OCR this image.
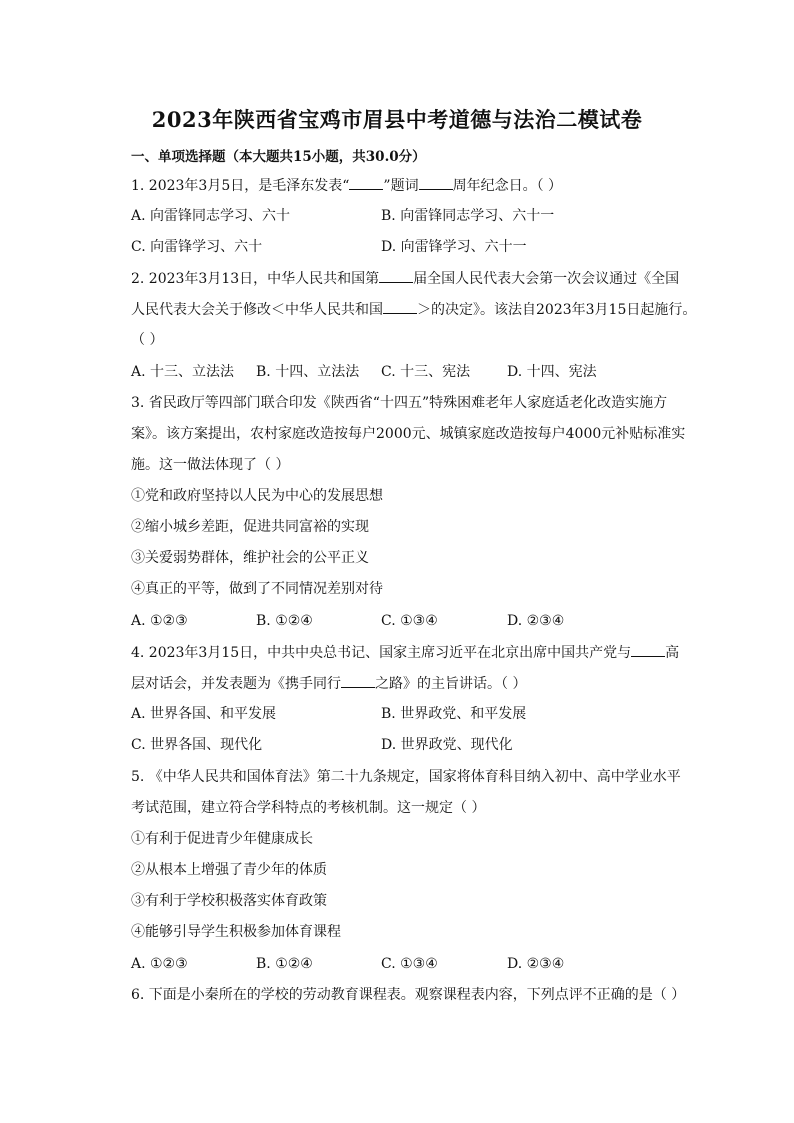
2023年陕西省宝鸡市眉县中考道德与法治二模试卷
一、单项选择题（本大题共15小题，共30.0分）
1. 2023年3月5日，是毛泽东发表“ ”题词 周年纪念日。（ ）
A. 向雷锋同志学习、六十	B. 向雷锋同志学习、六十一
C. 向雷锋学习、六十	D. 向雷锋学习、六十一
2. 2023年3月13日，中华人民共和国第 届全国人民代表大会第一次会议通过《全国
人民代表大会关于修改＜中华人民共和国 ＞的决定》。该法自2023年3月15日起施行。
（ ）
A. 十三、立法法 B. 十四、立法法 C. 十三、宪法	D. 十四、宪法
3. 省民政厅等四部门联合印发《陕西省“十四五”特殊困难老年人家庭适老化改造实施方
案》。该方案提出，农村家庭改造按每户2000元、城镇家庭改造按每户4000元补贴标准实
施。这一做法体现了（ ）
①党和政府坚持以人民为中心的发展思想
②缩小城乡差距，促进共同富裕的实现
③关爱弱势群体，维护社会的公平正义
④真正的平等，做到了不同情况差别对待
A. ①②③	B. ①②④	C. ①③④	D. ②③④
4. 2023年3月15日，中共中央总书记、国家主席习近平在北京出席中国共产党与 高
层对话会，并发表题为《携手同行 之路》的主旨讲话。（ ）
A. 世界各国、和平发展	B. 世界政党、和平发展
C. 世界各国、现代化	D. 世界政党、现代化
5. 《中华人民共和国体育法》第二十九条规定，国家将体育科目纳入初中、高中学业水平
考试范围，建立符合学科特点的考核机制。这一规定（ ）
①有利于促进青少年健康成长
②从根本上增强了青少年的体质
③有利于学校积极落实体育政策
④能够引导学生积极参加体育课程
A. ①②③	B. ①②④	C. ①③④	D. ②③④
6. 下面是小秦所在的学校的劳动教育课程表。观察课程表内容，下列点评不正确的是（ ）
